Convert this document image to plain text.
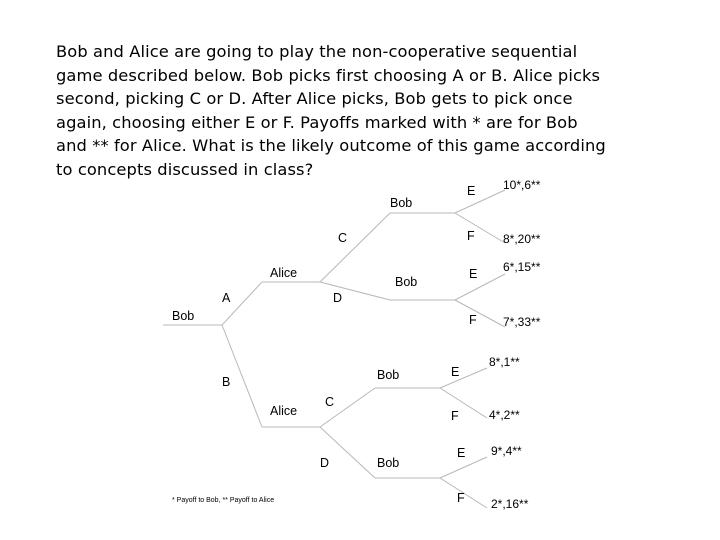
Bob and Alice are going to play the non-cooperative sequential
game described below. Bob picks first choosing A or B. Alice picks
second, picking C or D. After Alice picks, Bob gets to pick once
again, choosing either E or F. Payoffs marked with * are for Bob
and ** for Alice. What is the likely outcome of this game according
to concepts discussed in class?
Bob
Alice
Alice
Bob
Bob
Bob
Bob
A
B
C
D
C
D
E
F
E
F
E
F
E
F
10*,6**
8*,20**
6*,15**
7*,33**
8*,1**
4*,2**
9*,4**
2*,16**
* Payoff to Bob, ** Payoff to Alice
